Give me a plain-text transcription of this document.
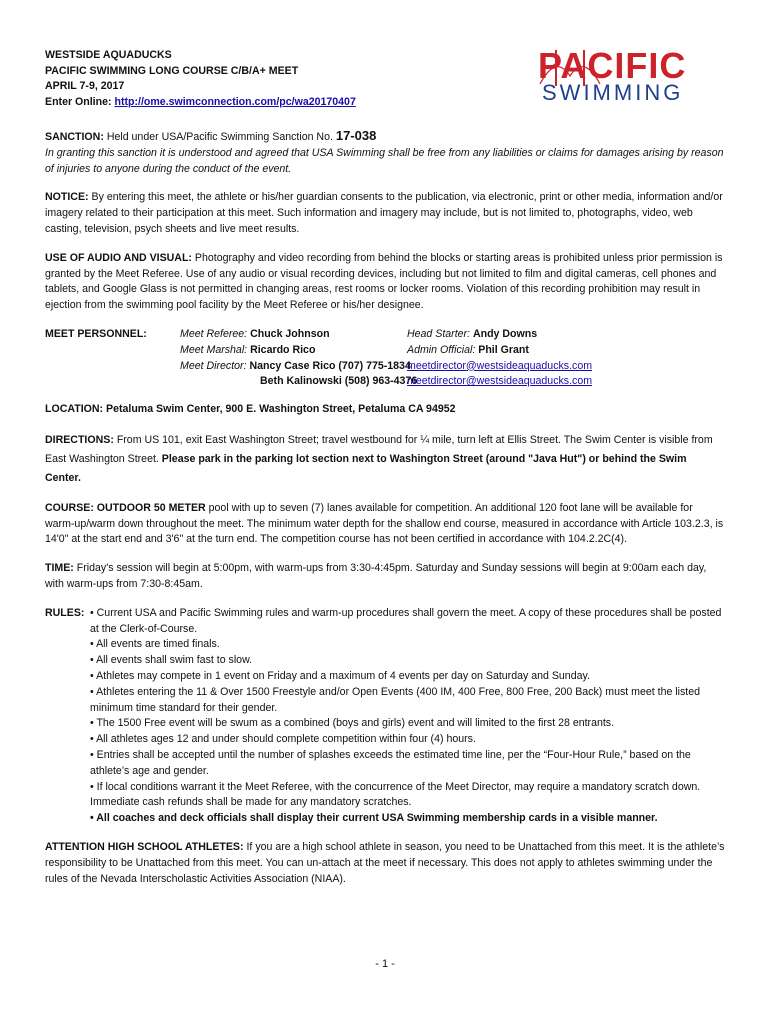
PACIFIC
SWIMMING
WESTSIDE AQUADUCKS
PACIFIC SWIMMING LONG COURSE C/B/A+ MEET
APRIL 7-9, 2017
Enter Online: http://ome.swimconnection.com/pc/wa20170407

SANCTION: Held under USA/Pacific Swimming Sanction No. 17-038

In granting this sanction it is understood and agreed that USA Swimming shall be free from any liabilities or claims for damages arising by reason of injuries to anyone during the conduct of the event.

NOTICE: By entering this meet, the athlete or his/her guardian consents to the publication, via electronic, print or other media, information and/or imagery related to their participation at this meet. Such information and imagery may include, but is not limited to, photographs, video, web casting, television, psych sheets and live meet results.

USE OF AUDIO AND VISUAL: Photography and video recording from behind the blocks or starting areas is prohibited unless prior permission is granted by the Meet Referee. Use of any audio or visual recording devices, including but not limited to film and digital cameras, cell phones and tablets, and Google Glass is not permitted in changing areas, rest rooms or locker rooms. Violation of this recording prohibition may result in ejection from the swimming pool facility by the Meet Referee or his/her designee.

MEET PERSONNEL:	Meet Referee: Chuck Johnson
Meet Marshal: Ricardo Rico
Meet Director: Nancy Case Rico (707) 775-1834
Beth Kalinowski (508) 963-4376
Head Starter: Andy Downs
Admin Official: Phil Grant
meetdirector@westsideaquaducks.com
meetdirector@westsideaquaducks.com

LOCATION: Petaluma Swim Center, 900 E. Washington Street, Petaluma CA 94952

DIRECTIONS: From US 101, exit East Washington Street; travel westbound for ¼ mile, turn left at Ellis Street. The Swim Center is visible from East Washington Street. Please park in the parking lot section next to Washington Street (around "Java Hut") or behind the Swim Center.

COURSE: OUTDOOR 50 METER pool with up to seven (7) lanes available for competition. An additional 120 foot lane will be available for warm-up/warm down throughout the meet. The minimum water depth for the shallow end course, measured in accordance with Article 103.2.3, is 14'0" at the start end and 3'6" at the turn end. The competition course has not been certified in accordance with 104.2.2C(4).

TIME: Friday's session will begin at 5:00pm, with warm-ups from 3:30-4:45pm. Saturday and Sunday sessions will begin at 9:00am each day, with warm-ups from 7:30-8:45am.

RULES: • Current USA and Pacific Swimming rules and warm-up procedures shall govern the meet. A copy of these procedures shall be posted at the Clerk-of-Course.

• All events are timed finals.

• All events shall swim fast to slow.

• Athletes may compete in 1 event on Friday and a maximum of 4 events per day on Saturday and Sunday.

• Athletes entering the 11 & Over 1500 Freestyle and/or Open Events (400 IM, 400 Free, 800 Free, 200 Back) must meet the listed minimum time standard for their gender.

• The 1500 Free event will be swum as a combined (boys and girls) event and will limited to the first 28 entrants.

• All athletes ages 12 and under should complete competition within four (4) hours.

• Entries shall be accepted until the number of splashes exceeds the estimated time line, per the “Four-Hour Rule,” based on the athlete’s age and gender.

• If local conditions warrant it the Meet Referee, with the concurrence of the Meet Director, may require a mandatory scratch down. Immediate cash refunds shall be made for any mandatory scratches.

• All coaches and deck officials shall display their current USA Swimming membership cards in a visible manner.

ATTENTION HIGH SCHOOL ATHLETES: If you are a high school athlete in season, you need to be Unattached from this meet. It is the athlete’s responsibility to be Unattached from this meet. You can un-attach at the meet if necessary. This does not apply to athletes swimming under the rules of the Nevada Interscholastic Activities Association (NIAA).

- 1 -
